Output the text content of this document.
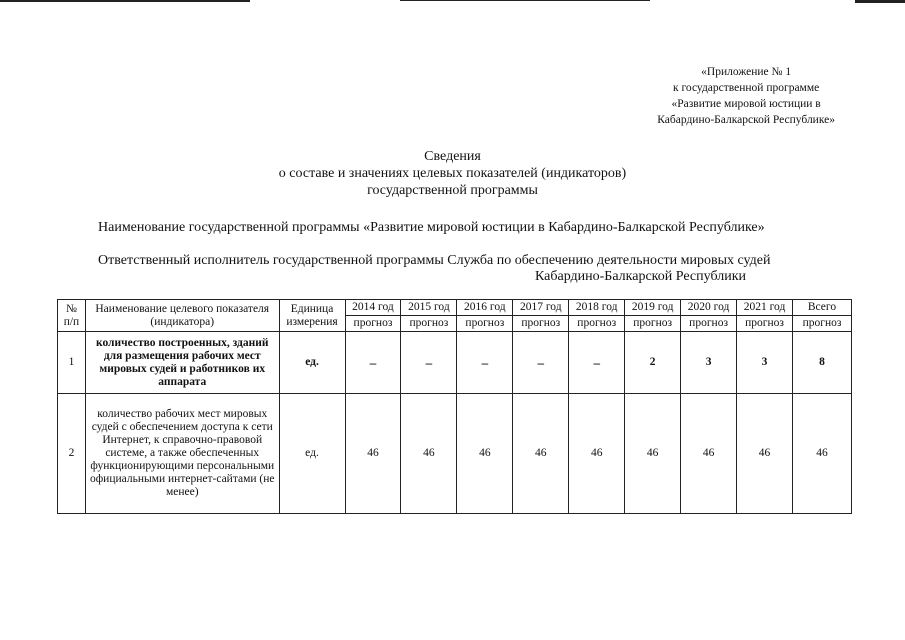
«Приложение № 1
к государственной программе
«Развитие мировой юстиции в
Кабардино-Балкарской Республике»
Сведения
о составе и значениях целевых показателей (индикаторов)
государственной программы
Наименование государственной программы «Развитие мировой юстиции в Кабардино-Балкарской Республике»
Ответственный исполнитель государственной программы Служба по обеспечению деятельности мировых судей
Кабардино-Балкарской Республики
№ п/п	Наименование целевого показателя (индикатора)	Единица измерения	2014 год	2015 год	2016 год	2017 год	2018 год	2019 год	2020 год	2021 год	Всего
			прогноз	прогноз	прогноз	прогноз	прогноз	прогноз	прогноз	прогноз	прогноз
1	количество построенных, зданий для размещения рабочих мест мировых судей и работников их аппарата	ед.	–	–	–	–	–	2	3	3	8
2	количество рабочих мест мировых судей с обеспечением доступа к сети Интернет, к справочно-правовой системе, а также обеспеченных функционирующими персональными официальными интернет-сайтами (не менее)	ед.	46	46	46	46	46	46	46	46	46
